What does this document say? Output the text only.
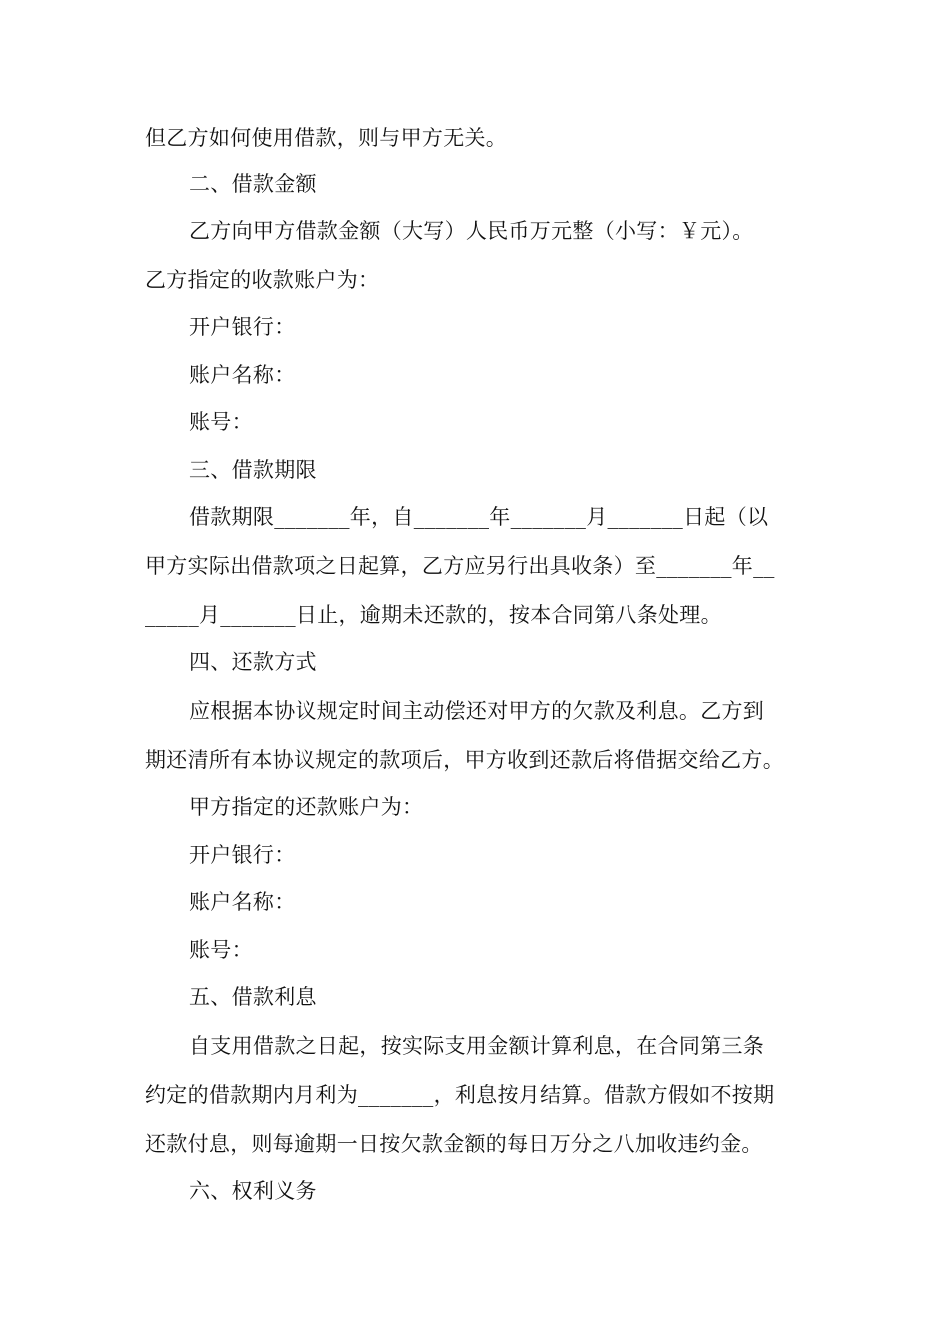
但乙方如何使用借款，则与甲方无关。
二、借款金额
乙方向甲方借款金额（大写）人民币万元整（小写：￥元）。
乙方指定的收款账户为：
开户银行：
账户名称：
账号：
三、借款期限
借款期限_______年，自_______年_______月_______日起（以
甲方实际出借款项之日起算，乙方应另行出具收条）至_______年__
_____月_______日止，逾期未还款的，按本合同第八条处理。
四、还款方式
应根据本协议规定时间主动偿还对甲方的欠款及利息。乙方到
期还清所有本协议规定的款项后，甲方收到还款后将借据交给乙方。
甲方指定的还款账户为：
开户银行：
账户名称：
账号：
五、借款利息
自支用借款之日起，按实际支用金额计算利息，在合同第三条
约定的借款期内月利为_______，利息按月结算。借款方假如不按期
还款付息，则每逾期一日按欠款金额的每日万分之八加收违约金。
六、权利义务
